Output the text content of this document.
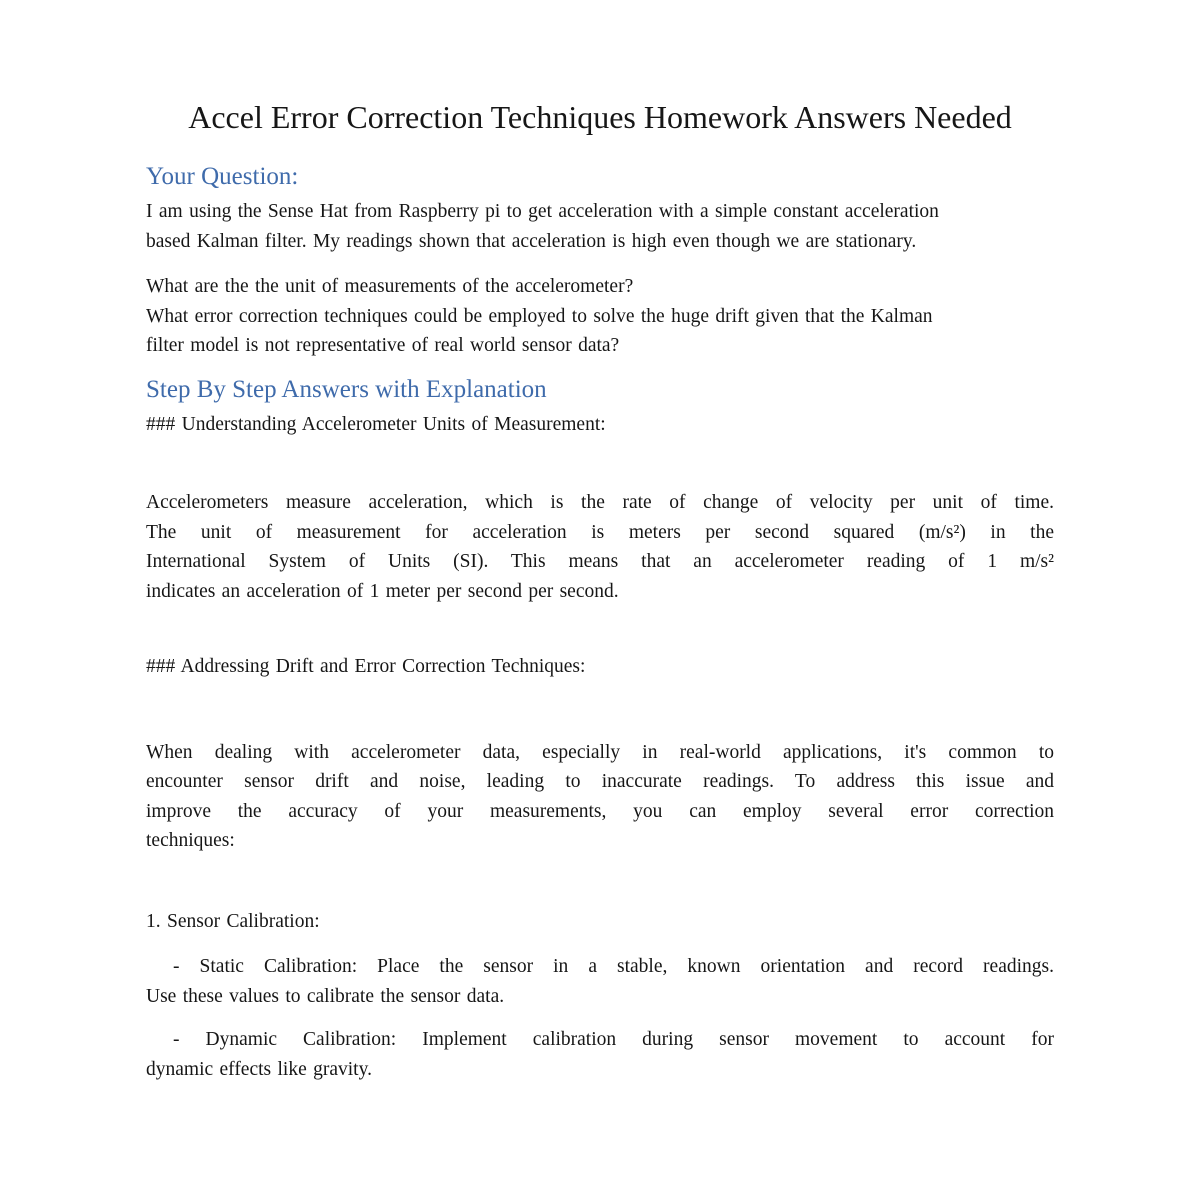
Accel Error Correction Techniques Homework Answers Needed
Your Question:
I am using the Sense Hat from Raspberry pi to get acceleration with a simple constant acceleration
based Kalman filter. My readings shown that acceleration is high even though we are stationary.
What are the the unit of measurements of the accelerometer?
What error correction techniques could be employed to solve the huge drift given that the Kalman
filter model is not representative of real world sensor data?
Step By Step Answers with Explanation
### Understanding Accelerometer Units of Measurement:
Accelerometers measure acceleration, which is the rate of change of velocity per unit of time.
The unit of measurement for acceleration is meters per second squared (m/s²) in the
International System of Units (SI). This means that an accelerometer reading of 1 m/s²
indicates an acceleration of 1 meter per second per second.
### Addressing Drift and Error Correction Techniques:
When dealing with accelerometer data, especially in real-world applications, it's common to
encounter sensor drift and noise, leading to inaccurate readings. To address this issue and
improve the accuracy of your measurements, you can employ several error correction
techniques:
1. Sensor Calibration:
- Static Calibration: Place the sensor in a stable, known orientation and record readings.
Use these values to calibrate the sensor data.
- Dynamic Calibration: Implement calibration during sensor movement to account for
dynamic effects like gravity.
